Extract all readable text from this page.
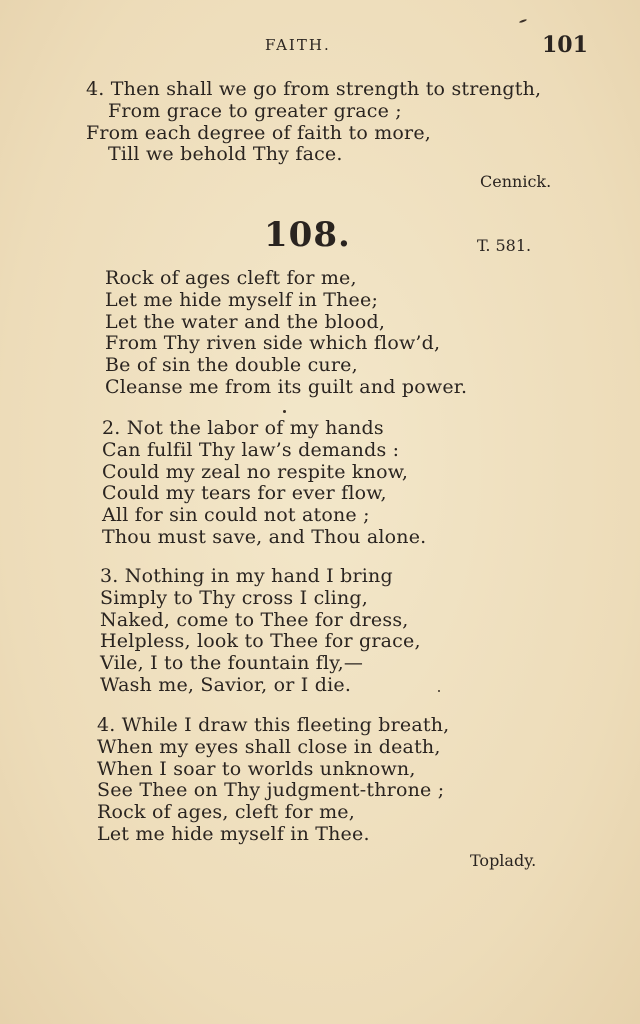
FAITH.	101
4. Then shall we go from strength to strength,
From grace to greater grace ;
From each degree of faith to more,
Till we behold Thy face.
Cennick.
108.	T. 581.
Rock of ages cleft for me,
Let me hide myself in Thee;
Let the water and the blood,
From Thy riven side which flow’d,
Be of sin the double cure,
Cleanse me from its guilt and power.
2. Not the labor of my hands
Can fulfil Thy law’s demands :
Could my zeal no respite know,
Could my tears for ever flow,
All for sin could not atone ;
Thou must save, and Thou alone.
3. Nothing in my hand I bring
Simply to Thy cross I cling,
Naked, come to Thee for dress,
Helpless, look to Thee for grace,
Vile, I to the fountain fly,—
Wash me, Savior, or I die.
4. While I draw this fleeting breath,
When my eyes shall close in death,
When I soar to worlds unknown,
See Thee on Thy judgment-throne ;
Rock of ages, cleft for me,
Let me hide myself in Thee.
Toplady.
